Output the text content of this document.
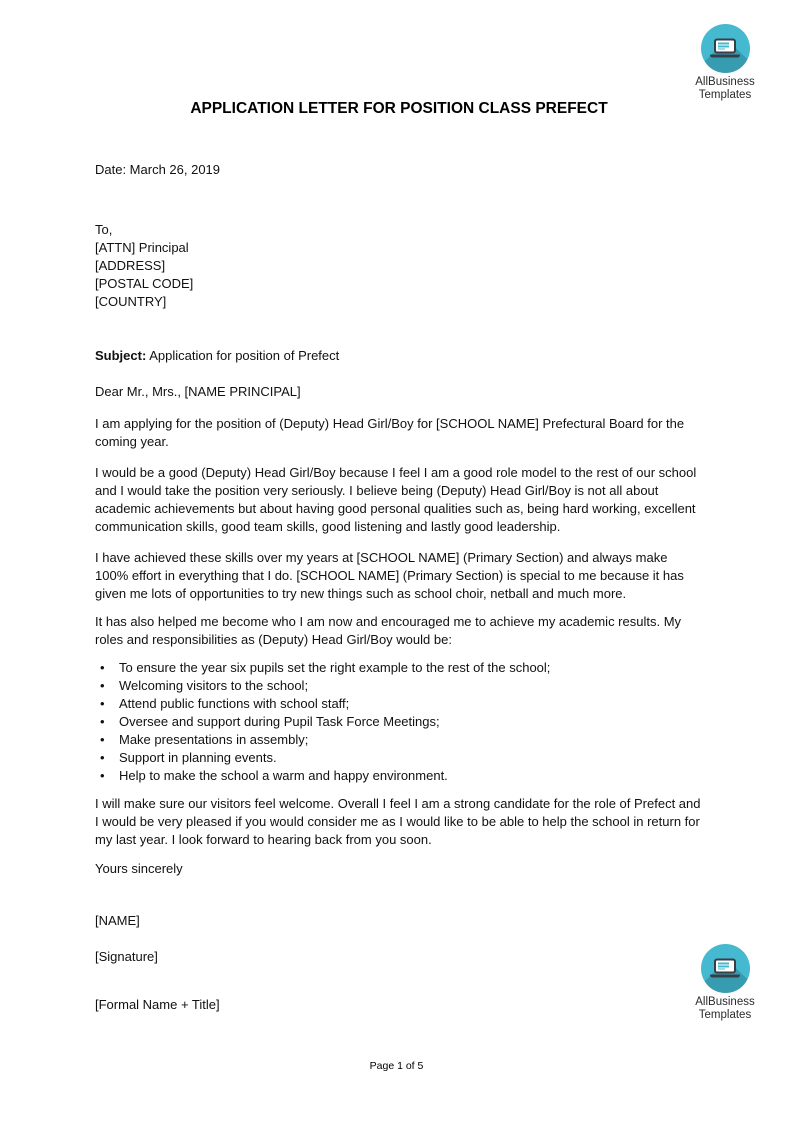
AllBusiness
Templates
APPLICATION LETTER FOR POSITION CLASS PREFECT
Date: March 26, 2019
To,
[ATTN] Principal
[ADDRESS]
[POSTAL CODE]
[COUNTRY]
Subject: Application for position of Prefect
Dear Mr., Mrs., [NAME PRINCIPAL]

I am applying for the position of (Deputy) Head Girl/Boy for [SCHOOL NAME] Prefectural Board for the coming year.

I would be a good (Deputy) Head Girl/Boy because I feel I am a good role model to the rest of our school and I would take the position very seriously. I believe being (Deputy) Head Girl/Boy is not all about academic achievements but about having good personal qualities such as, being hard working, excellent communication skills, good team skills, good listening and lastly good leadership.

I have achieved these skills over my years at [SCHOOL NAME] (Primary Section) and always make 100% effort in everything that I do. [SCHOOL NAME] (Primary Section) is special to me because it has given me lots of opportunities to try new things such as school choir, netball and much more.

It has also helped me become who I am now and encouraged me to achieve my academic results. My roles and responsibilities as (Deputy) Head Girl/Boy would be:

• To ensure the year six pupils set the right example to the rest of the school;
• Welcoming visitors to the school;
• Attend public functions with school staff;
• Oversee and support during Pupil Task Force Meetings;
• Make presentations in assembly;
• Support in planning events.
• Help to make the school a warm and happy environment.

I will make sure our visitors feel welcome. Overall I feel I am a strong candidate for the role of Prefect and I would be very pleased if you would consider me as I would like to be able to help the school in return for my last year. I look forward to hearing back from you soon.

Yours sincerely
[NAME]
[Signature]
[Formal Name + Title]	AllBusiness
Templates
Page 1 of 5
